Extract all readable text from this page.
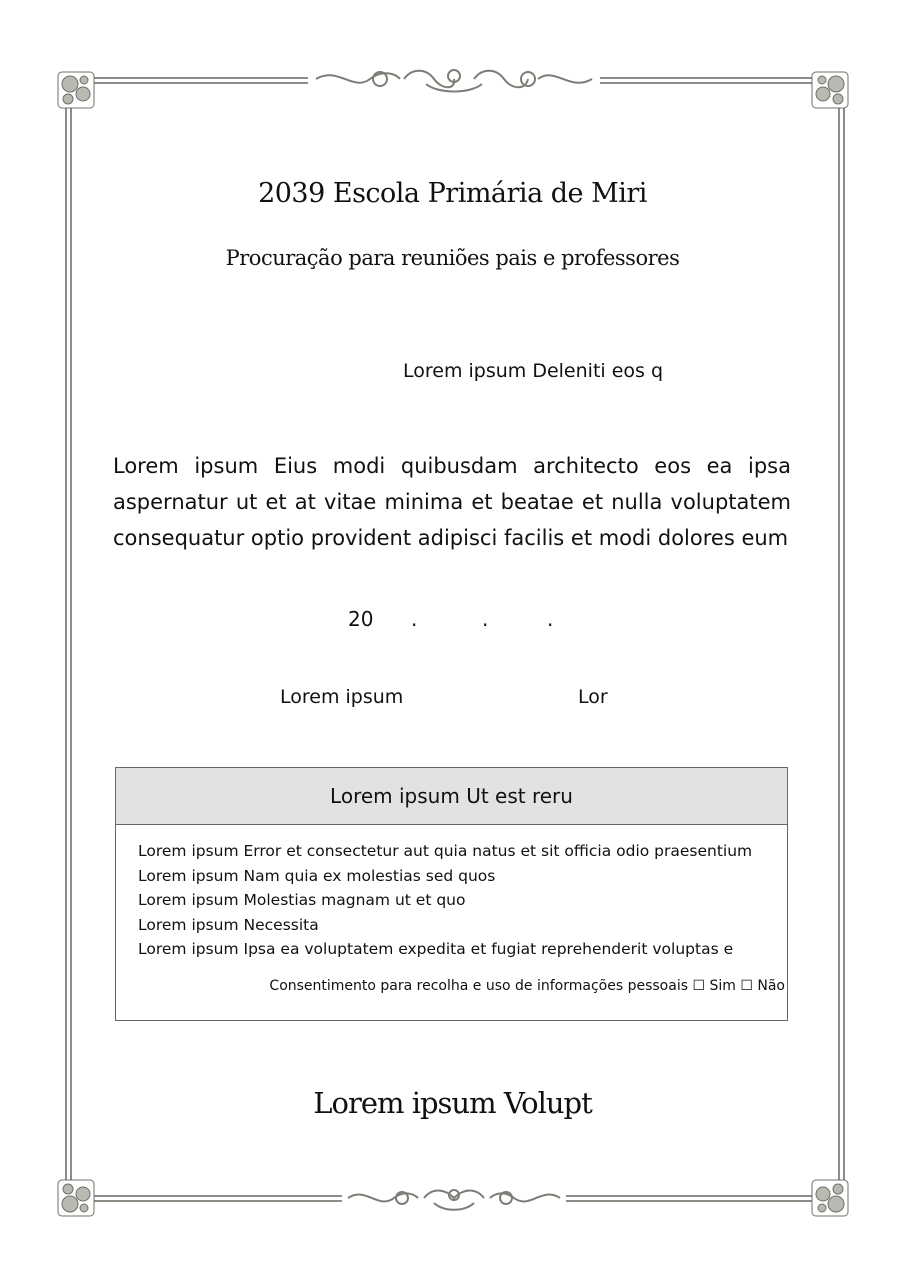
2039 Escola Primária de Miri
Procuração para reuniões pais e professores
Lorem ipsum Deleniti eos q
Lorem ipsum Eius modi quibusdam architecto eos ea ipsa aspernatur ut et at vitae minima et beatae et nulla voluptatem consequatur optio provident adipisci facilis et modi dolores eum
20 .	.	.
Lorem ipsum	Lor
Lorem ipsum Ut est reru
Lorem ipsum Error et consectetur aut quia natus et sit officia odio praesentium
Lorem ipsum Nam quia ex molestias sed quos
Lorem ipsum Molestias magnam ut et quo
Lorem ipsum Necessita
Lorem ipsum Ipsa ea voluptatem expedita et fugiat reprehenderit voluptas e
Consentimento para recolha e uso de informações pessoais ☐ Sim ☐ Não
Lorem ipsum Volupt
